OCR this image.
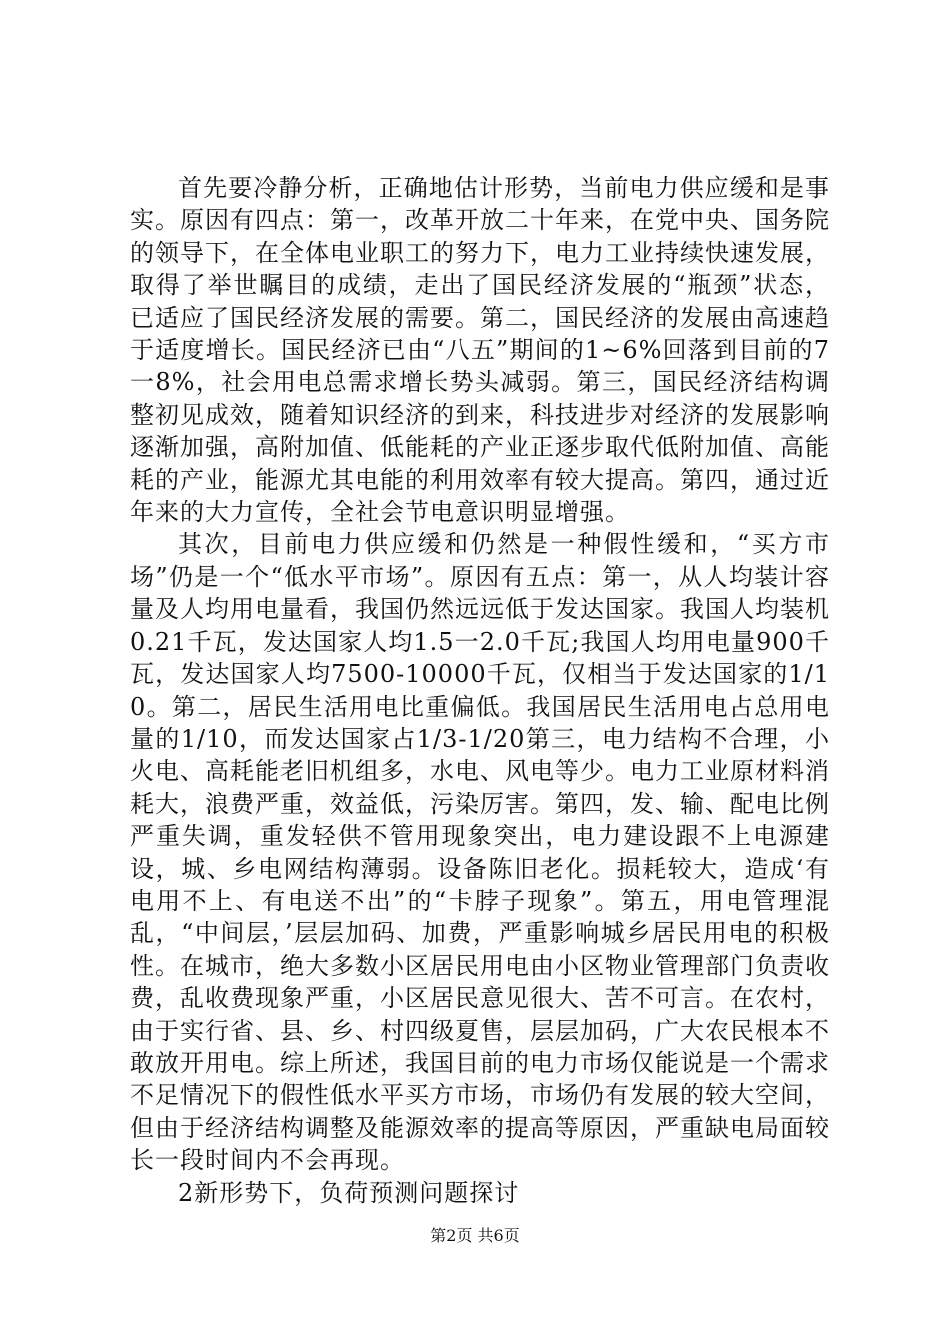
首先要冷静分析，正确地估计形势，当前电力供应缓和是事实。原因有四点：第一，改革开放二十年来，在党中央、国务院的领导下，在全体电业职工的努力下，电力工业持续快速发展，取得了举世瞩目的成绩，走出了国民经济发展的“瓶颈”状态，已适应了国民经济发展的需要。第二，国民经济的发展由高速趋于适度增长。国民经济已由“八五”期间的1~6%回落到目前的7一8%，社会用电总需求增长势头减弱。第三，国民经济结构调整初见成效，随着知识经济的到来，科技进步对经济的发展影响逐渐加强，高附加值、低能耗的产业正逐步取代低附加值、高能耗的产业，能源尤其电能的利用效率有较大提高。第四，通过近年来的大力宣传，全社会节电意识明显增强。

其次，目前电力供应缓和仍然是一种假性缓和，“买方市场”仍是一个“低水平市场”。原因有五点：第一，从人均装计容量及人均用电量看，我国仍然远远低于发达国家。我国人均装机0.21千瓦，发达国家人均1.5一2.0千瓦;我国人均用电量900千瓦，发达国家人均7500-10000千瓦，仅相当于发达国家的1/10。第二，居民生活用电比重偏低。我国居民生活用电占总用电量的1/10，而发达国家占1/3-1/20第三，电力结构不合理，小火电、高耗能老旧机组多，水电、风电等少。电力工业原材料消耗大，浪费严重，效益低，污染厉害。第四，发、输、配电比例严重失调，重发轻供不管用现象突出，电力建设跟不上电源建设，城、乡电网结构薄弱。设备陈旧老化。损耗较大，造成‘有电用不上、有电送不出”的“卡脖子现象”。第五，用电管理混乱，“中间层，’层层加码、加费，严重影响城乡居民用电的积极性。在城市，绝大多数小区居民用电由小区物业管理部门负责收费，乱收费现象严重，小区居民意见很大、苦不可言。在农村，由于实行省、县、乡、村四级夏售，层层加码，广大农民根本不敢放开用电。综上所述，我国目前的电力市场仅能说是一个需求不足情况下的假性低水平买方市场，市场仍有发展的较大空间，但由于经济结构调整及能源效率的提高等原因，严重缺电局面较长一段时间内不会再现。

2新形势下，负荷预测问题探讨

第2页 共6页
